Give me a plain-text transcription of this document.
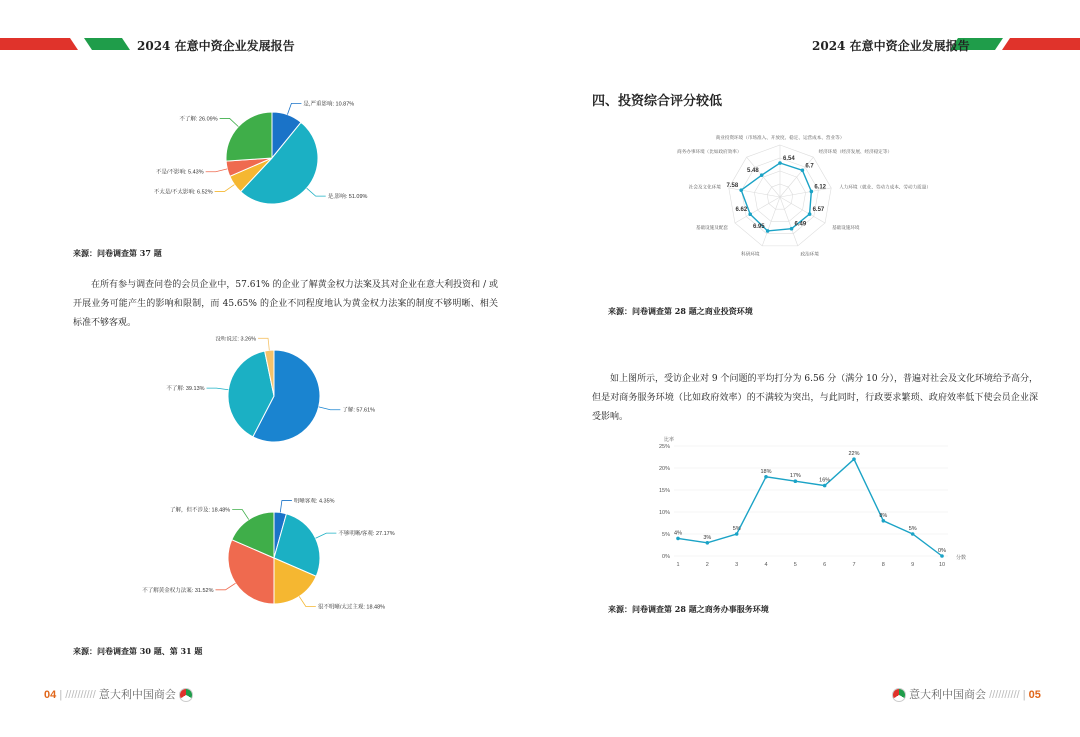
2024 在意中资企业发展报告
是,严重影响: 10.87%
是,影响: 51.09%
不太是/不太影响: 6.52%
不是/不影响: 5.43%
不了解: 26.09%
来源：问卷调查第 37 题
在所有参与调查问卷的会员企业中，57.61% 的企业了解黄金权力法案及其对企业在意大利投资和 / 或开展业务可能产生的影响和限制，而 45.65% 的企业不同程度地认为黄金权力法案的制度不够明晰、相关标准不够客观。
了解: 57.61%
不了解: 39.13%
没听说过: 3.26%
明晰客观: 4.35%
不够明晰/客观: 27.17%
很不明晰/太过主观: 18.48%
不了解黄金权力法案: 31.52%
了解，但不涉及: 18.48%
来源：问卷调查第 30 题、第 31 题
04 | ////////// 意大利中国商会
2024 在意中资企业发展报告
四、投资综合评分较低
6.54
商业投资环境（市场准入、开放度、稳定、运营成本、营业等）
6.7
经济环境（经济发展、经济稳定等）
6.12	人力环境（就业、劳动力成本、劳动力质量）
6.57
基础设施环境
6.49
政治环境
6.95
科研环境
6.62
基础设施及配套
7.58
社会及文化环境
5.48
商务办事环境（比如政府效率）
来源：问卷调查第 28 题之商业投资环境
如上图所示，受访企业对 9 个问题的平均打分为 6.56 分（满分 10 分），普遍对社会及文化环境给予高分，但是对商务服务环境（比如政府效率）的不满较为突出，与此同时，行政要求繁琐、政府效率低下使会员企业深受影响。
0%
5%
10%
15%
20%
25%
比率
分数
1	2	3	4	5	6	7	8	9	10
4%
3%
5%
18%
17%
16%
22%
8%
5%
0%
来源：问卷调查第 28 题之商务办事服务环境
意大利中国商会 ////////// | 05
